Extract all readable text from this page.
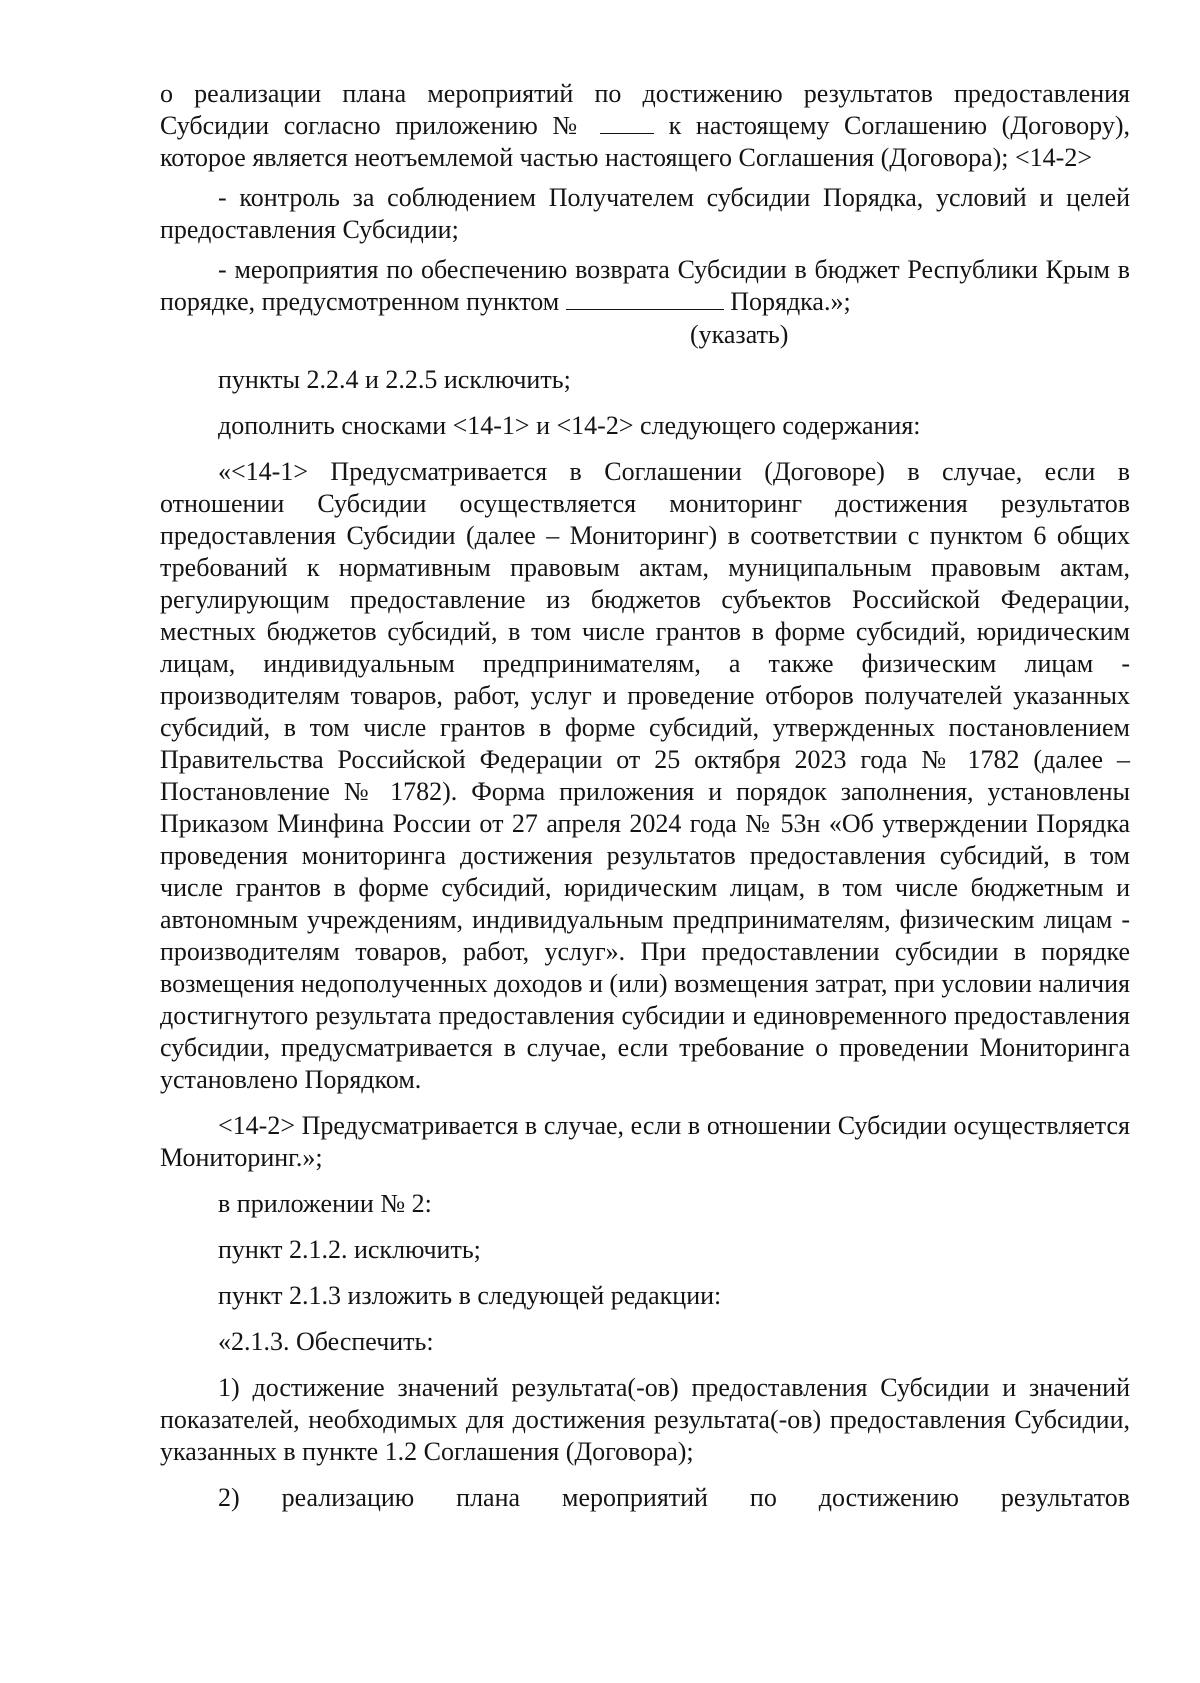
о реализации плана мероприятий по достижению результатов предоставления

Субсидии согласно приложению №	к настоящему Соглашению (Договору),

которое является неотъемлемой частью настоящего Соглашения (Договора); <14-2>

- контроль за соблюдением Получателем субсидии Порядка, условий и целей предоставления Субсидии;

- мероприятия по обеспечению возврата Субсидии в бюджет Республики Крым в порядке, предусмотренном пунктом	Порядка.»;

(указать)

пункты 2.2.4 и 2.2.5 исключить;

дополнить сносками <14-1> и <14-2> следующего содержания:

«<14-1> Предусматривается в Соглашении (Договоре) в случае, если в отношении Субсидии осуществляется мониторинг достижения результатов предоставления Субсидии (далее – Мониторинг) в соответствии с пунктом 6 общих требований к нормативным правовым актам, муниципальным правовым актам, регулирующим предоставление из бюджетов субъектов Российской Федерации, местных бюджетов субсидий, в том числе грантов в форме субсидий, юридическим лицам, индивидуальным предпринимателям, а также физическим лицам - производителям товаров, работ, услуг и проведение отборов получателей указанных субсидий, в том числе грантов в форме субсидий, утвержденных постановлением Правительства Российской Федерации от 25 октября 2023 года № 1782 (далее – Постановление № 1782). Форма приложения и порядок заполнения, установлены Приказом Минфина России от 27 апреля 2024 года № 53н «Об утверждении Порядка проведения мониторинга достижения результатов предоставления субсидий, в том числе грантов в форме субсидий, юридическим лицам, в том числе бюджетным и автономным учреждениям, индивидуальным предпринимателям, физическим лицам - производителям товаров, работ, услуг». При предоставлении субсидии в порядке возмещения недополученных доходов и (или) возмещения затрат, при условии наличия достигнутого результата предоставления субсидии и единовременного предоставления субсидии, предусматривается в случае, если требование о проведении Мониторинга установлено Порядком.

<14-2> Предусматривается в случае, если в отношении Субсидии осуществляется Мониторинг.»;

в приложении № 2:

пункт 2.1.2. исключить;

пункт 2.1.3 изложить в следующей редакции:

«2.1.3. Обеспечить:

1) достижение значений результата(-ов) предоставления Субсидии и значений показателей, необходимых для достижения результата(-ов) предоставления Субсидии, указанных в пункте 1.2 Соглашения (Договора);

2) реализацию плана мероприятий по достижению результатов
